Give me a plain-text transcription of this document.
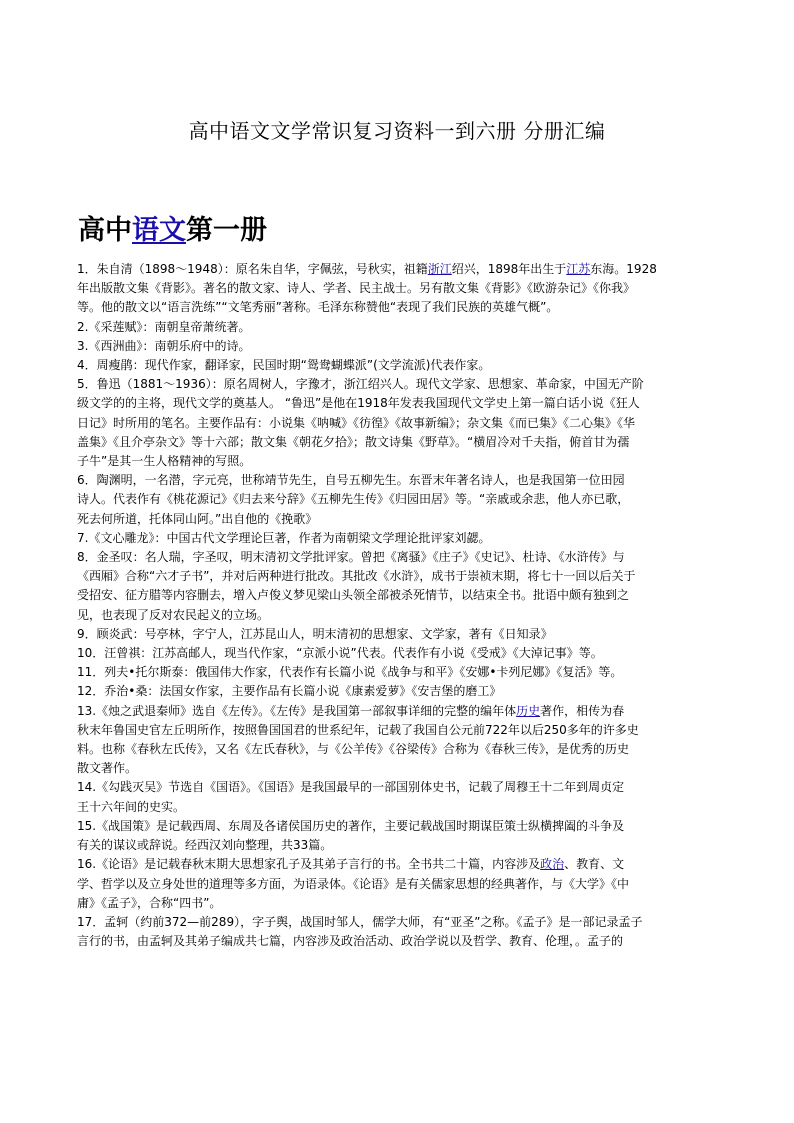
高中语文文学常识复习资料一到六册 分册汇编
高中语文第一册
1．朱自清（1898～1948）：原名朱自华，字佩弦，号秋实，祖籍浙江绍兴，1898年出生于江苏东海。1928
年出版散文集《背影》。著名的散文家、诗人、学者、民主战士。另有散文集《背影》《欧游杂记》《你我》
等。他的散文以“语言洗练”“文笔秀丽”著称。毛泽东称赞他“表现了我们民族的英雄气概”。
2.《采莲赋》：南朝皇帝萧统著。
3.《西洲曲》：南朝乐府中的诗。
4．周瘦鹃：现代作家，翻译家，民国时期“鸳鸯蝴蝶派”(文学流派)代表作家。
5．鲁迅（1881～1936）：原名周树人，字豫才，浙江绍兴人。现代文学家、思想家、革命家，中国无产阶
级文学的的主将，现代文学的奠基人。 “鲁迅”是他在1918年发表我国现代文学史上第一篇白话小说《狂人
日记》时所用的笔名。主要作品有：小说集《呐喊》《彷徨》《故事新编》；杂文集《而已集》《二心集》《华
盖集》《且介亭杂文》等十六部；散文集《朝花夕拾》；散文诗集《野草》。“横眉冷对千夫指，俯首甘为孺
子牛”是其一生人格精神的写照。
6．陶渊明，一名潜，字元亮，世称靖节先生，自号五柳先生。东晋末年著名诗人，也是我国第一位田园
诗人。代表作有《桃花源记》《归去来兮辞》《五柳先生传》《归园田居》等。“亲戚或余悲，他人亦已歌，
死去何所道，托体同山阿。”出自他的《挽歌》
7.《文心雕龙》：中国古代文学理论巨著，作者为南朝梁文学理论批评家刘勰。
8．金圣叹：名人瑞，字圣叹，明末清初文学批评家。曾把《离骚》《庄子》《史记》、杜诗、《水浒传》与
《西厢》合称“六才子书”，并对后两种进行批改。其批改《水浒》，成书于崇祯末期，将七十一回以后关于
受招安、征方腊等内容删去，增入卢俊义梦见梁山头领全部被杀死情节，以结束全书。批语中颇有独到之
见，也表现了反对农民起义的立场。
9．顾炎武：号亭林，字宁人，江苏昆山人，明末清初的思想家、文学家，著有《日知录》
10．汪曾祺：江苏高邮人，现当代作家，“京派小说”代表。代表作有小说《受戒》《大淖记事》等。
11．列夫•托尔斯泰：俄国伟大作家，代表作有长篇小说《战争与和平》《安娜•卡列尼娜》《复活》等。
12．乔治•桑：法国女作家，主要作品有长篇小说《康素爱萝》《安吉堡的磨工》
13.《烛之武退秦师》选自《左传》。《左传》是我国第一部叙事详细的完整的编年体历史著作，相传为春
秋末年鲁国史官左丘明所作，按照鲁国国君的世系纪年，记载了我国自公元前722年以后250多年的许多史
料。也称《春秋左氏传》，又名《左氏春秋》，与《公羊传》《谷梁传》合称为《春秋三传》，是优秀的历史
散文著作。
14.《勾践灭吴》节选自《国语》。《国语》是我国最早的一部国别体史书，记载了周穆王十二年到周贞定
王十六年间的史实。
15.《战国策》是记载西周、东周及各诸侯国历史的著作，主要记载战国时期谋臣策士纵横捭阖的斗争及
有关的谋议或辞说。经西汉刘向整理，共33篇。
16.《论语》是记载春秋末期大思想家孔子及其弟子言行的书。全书共二十篇，内容涉及政治、教育、文
学、哲学以及立身处世的道理等多方面，为语录体。《论语》是有关儒家思想的经典著作，与《大学》《中
庸》《孟子》，合称“四书”。
17．孟轲（约前372—前289），字子舆，战国时邹人，儒学大师，有“亚圣”之称。《孟子》是一部记录孟子
言行的书，由孟轲及其弟子编成共七篇，内容涉及政治活动、政治学说以及哲学、教育、伦理，。孟子的
